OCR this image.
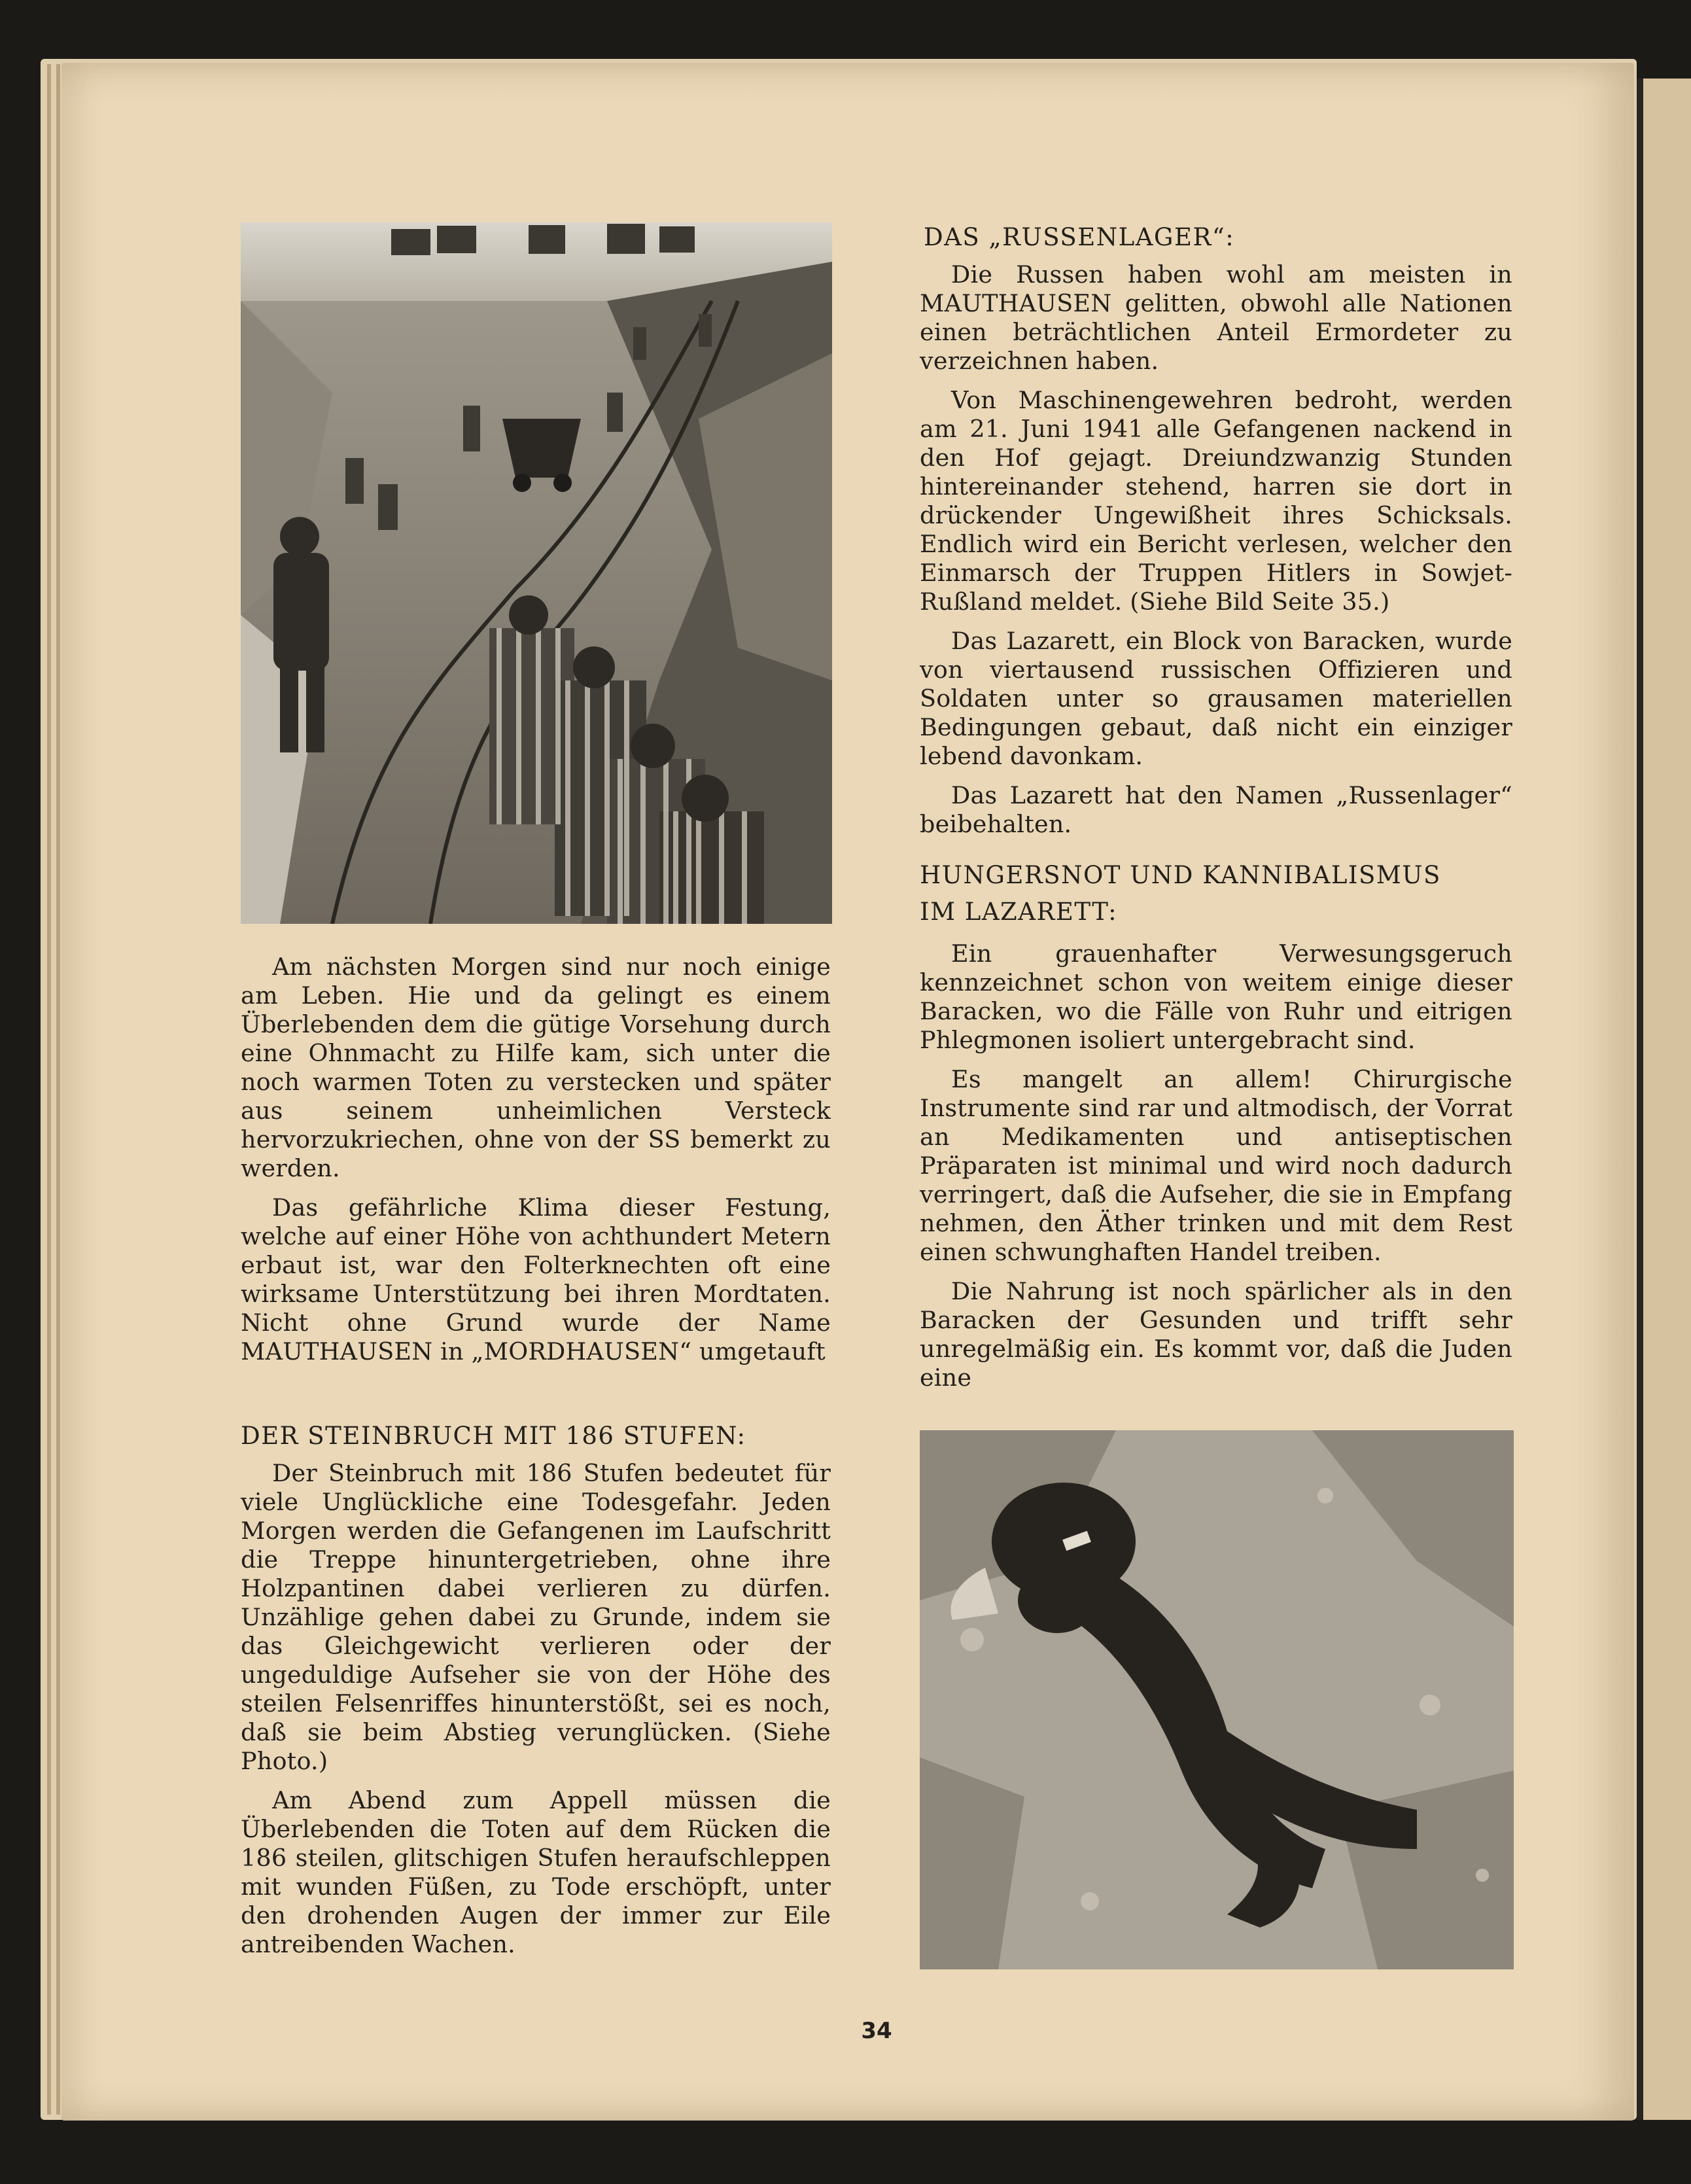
Am nächsten Morgen sind nur noch einige am Leben. Hie und da gelingt es einem Überlebenden dem die gütige Vorsehung durch eine Ohnmacht zu Hilfe kam, sich unter die noch warmen Toten zu verstecken und später aus seinem unheimlichen Versteck hervorzukriechen, ohne von der SS bemerkt zu werden.

Das gefährliche Klima dieser Festung, welche auf einer Höhe von achthundert Metern erbaut ist, war den Folterknechten oft eine wirksame Unterstützung bei ihren Mordtaten. Nicht ohne Grund wurde der Name MAUTHAUSEN in „MORDHAUSEN“ umgetauft

DER STEINBRUCH MIT 186 STUFEN:

Der Steinbruch mit 186 Stufen bedeutet für viele Unglückliche eine Todesgefahr. Jeden Morgen werden die Gefangenen im Laufschritt die Treppe hinuntergetrieben, ohne ihre Holzpantinen dabei verlieren zu dürfen. Unzählige gehen dabei zu Grunde, indem sie das Gleichgewicht verlieren oder der ungeduldige Aufseher sie von der Höhe des steilen Felsenriffes hinunterstößt, sei es noch, daß sie beim Abstieg verunglücken. (Siehe Photo.)

Am Abend zum Appell müssen die Überlebenden die Toten auf dem Rücken die 186 steilen, glitschigen Stufen heraufschleppen mit wunden Füßen, zu Tode erschöpft, unter den drohenden Augen der immer zur Eile antreibenden Wachen.

DAS „RUSSENLAGER“:

Die Russen haben wohl am meisten in MAUTHAUSEN gelitten, obwohl alle Nationen einen beträchtlichen Anteil Ermordeter zu verzeichnen haben.

Von Maschinengewehren bedroht, werden am 21. Juni 1941 alle Gefangenen nackend in den Hof gejagt. Dreiundzwanzig Stunden hintereinander stehend, harren sie dort in drückender Ungewißheit ihres Schicksals. Endlich wird ein Bericht verlesen, welcher den Einmarsch der Truppen Hitlers in Sowjet-Rußland meldet. (Siehe Bild Seite 35.)

Das Lazarett, ein Block von Baracken, wurde von viertausend russischen Offizieren und Soldaten unter so grausamen materiellen Bedingungen gebaut, daß nicht ein einziger lebend davonkam.

Das Lazarett hat den Namen „Russenlager“ beibehalten.

HUNGERSNOT UND KANNIBALISMUS
IM LAZARETT:

Ein grauenhafter Verwesungsgeruch kennzeichnet schon von weitem einige dieser Baracken, wo die Fälle von Ruhr und eitrigen Phlegmonen isoliert untergebracht sind.

Es mangelt an allem! Chirurgische Instrumente sind rar und altmodisch, der Vorrat an Medikamenten und antiseptischen Präparaten ist minimal und wird noch dadurch verringert, daß die Aufseher, die sie in Empfang nehmen, den Äther trinken und mit dem Rest einen schwunghaften Handel treiben.

Die Nahrung ist noch spärlicher als in den Baracken der Gesunden und trifft sehr unregelmäßig ein. Es kommt vor, daß die Juden eine

34
